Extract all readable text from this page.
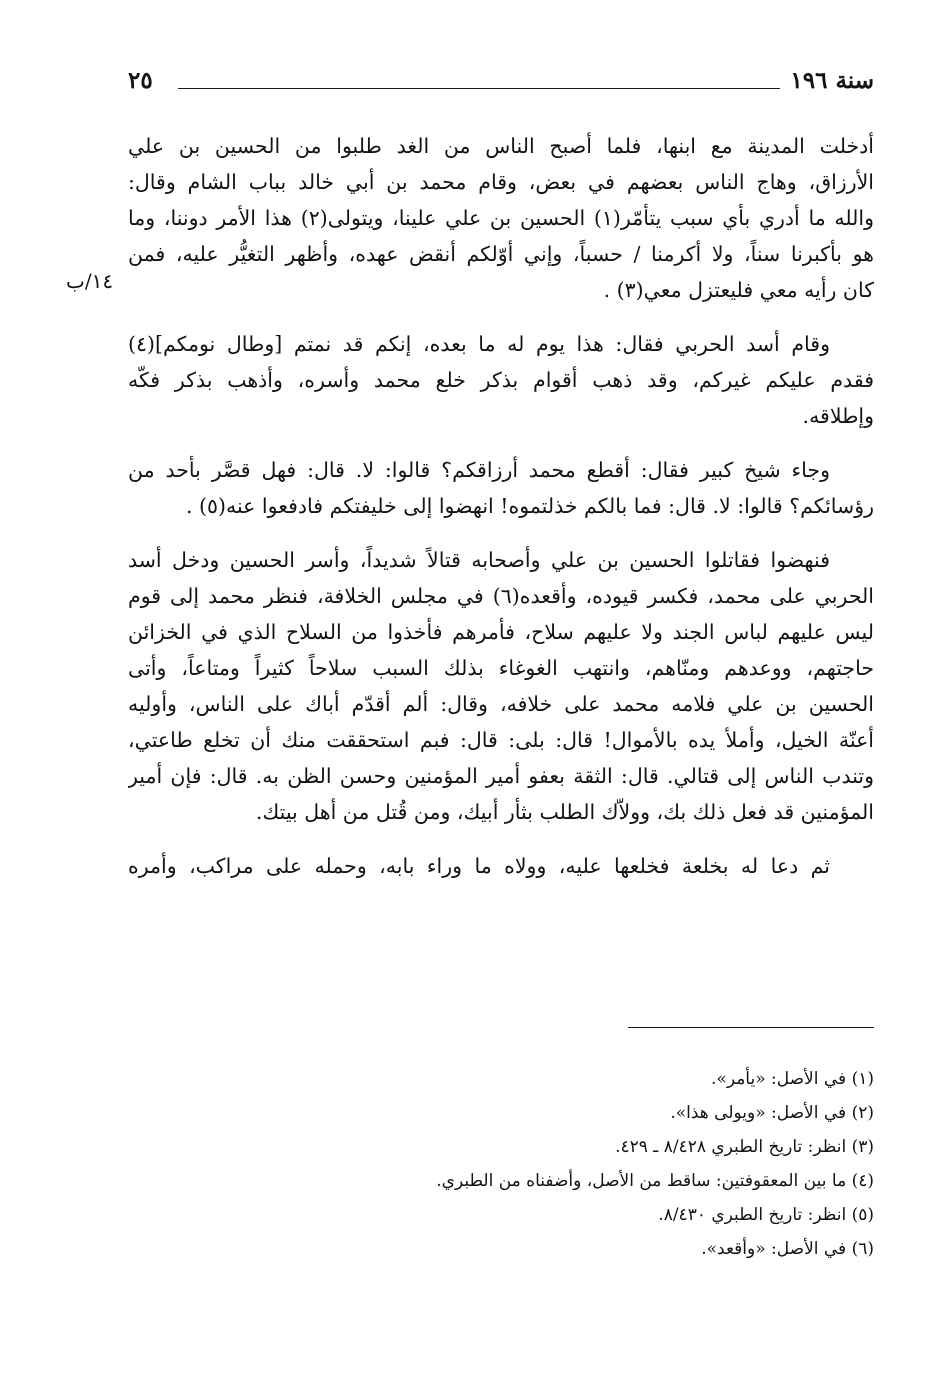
سنة ١٩٦
٢٥
١٤/ب
أدخلت المدينة مع ابنها، فلما أصبح الناس من الغد طلبوا من الحسين بن علي
الأرزاق، وهاج الناس بعضهم في بعض، وقام محمد بن أبي خالد بباب الشام وقال:
والله ما أدري بأي سبب يتأمّر(١) الحسين بن علي علينا، ويتولى(٢) هذا الأمر دوننا، وما
هو بأكبرنا سناً، ولا أكرمنا / حسباً، وإني أوّلكم أنقض عهده، وأظهر التغيُّر عليه، فمن
كان رأيه معي فليعتزل معي(٣) .
وقام أسد الحربي فقال: هذا يوم له ما بعده، إنكم قد نمتم [وطال نومكم](٤)
فقدم عليكم غيركم، وقد ذهب أقوام بذكر خلع محمد وأسره، وأذهب بذكر فكّه
وإطلاقه.
وجاء شيخ كبير فقال: أقطع محمد أرزاقكم؟ قالوا: لا. قال: فهل قصَّر بأحد من
رؤسائكم؟ قالوا: لا. قال: فما بالكم خذلتموه! انهضوا إلى خليفتكم فادفعوا عنه(٥) .
فنهضوا فقاتلوا الحسين بن علي وأصحابه قتالاً شديداً، وأسر الحسين ودخل أسد
الحربي على محمد، فكسر قيوده، وأقعده(٦) في مجلس الخلافة، فنظر محمد إلى قوم
ليس عليهم لباس الجند ولا عليهم سلاح، فأمرهم فأخذوا من السلاح الذي في الخزائن
حاجتهم، ووعدهم ومنّاهم، وانتهب الغوغاء بذلك السبب سلاحاً كثيراً ومتاعاً، وأتى
الحسين بن علي فلامه محمد على خلافه، وقال: ألم أقدّم أباك على الناس، وأوليه
أعنّة الخيل، وأملأ يده بالأموال! قال: بلى: قال: فبم استحققت منك أن تخلع طاعتي،
وتندب الناس إلى قتالي. قال: الثقة بعفو أمير المؤمنين وحسن الظن به. قال: فإن أمير
المؤمنين قد فعل ذلك بك، وولاّك الطلب بثأر أبيك، ومن قُتل من أهل بيتك.
ثم دعا له بخلعة فخلعها عليه، وولاه ما وراء بابه، وحمله على مراكب، وأمره
(١) في الأصل: «يأمر».
(٢) في الأصل: «ويولى هذا».
(٣) انظر: تاريخ الطبري ٨/٤٢٨ ـ ٤٢٩.
(٤) ما بين المعقوفتين: ساقط من الأصل، وأضفناه من الطبري.
(٥) انظر: تاريخ الطبري ٨/٤٣٠.
(٦) في الأصل: «وأقعد».
